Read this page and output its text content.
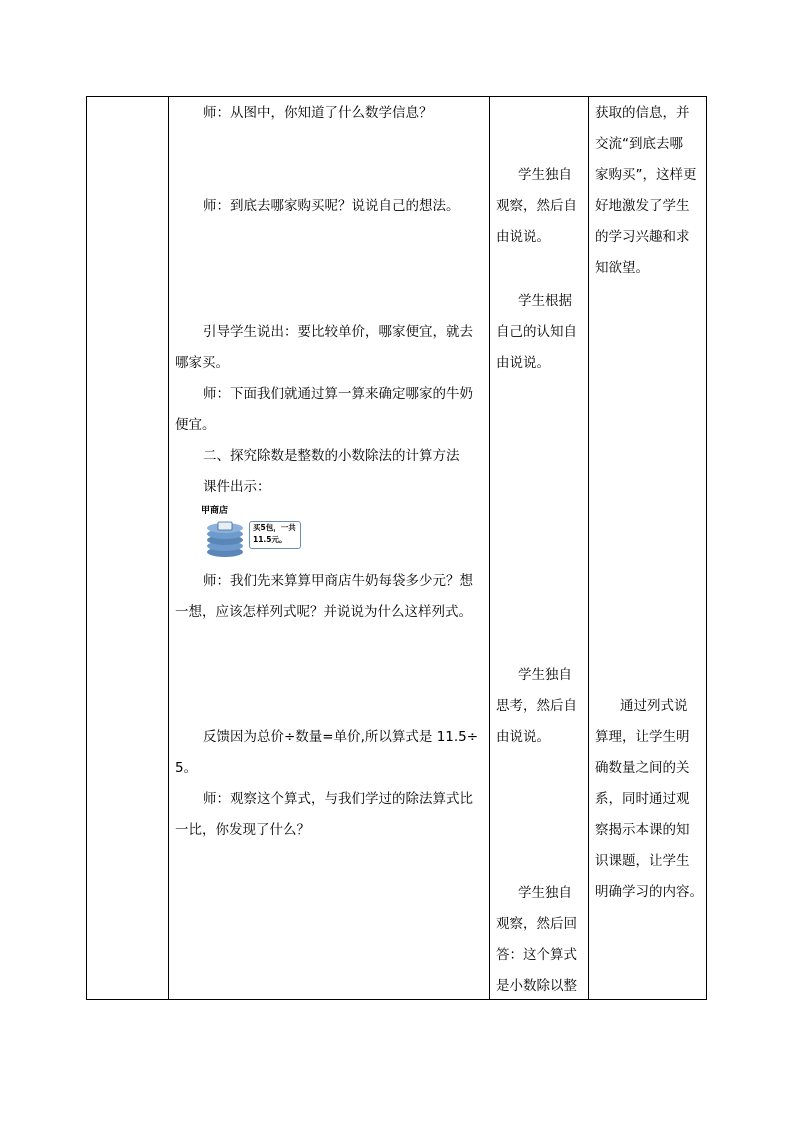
师：从图中，你知道了什么数学信息？
师：到底去哪家购买呢？说说自己的想法。
引导学生说出：要比较单价，哪家便宜，就去
哪家买。
师：下面我们就通过算一算来确定哪家的牛奶
便宜。
二、探究除数是整数的小数除法的计算方法
课件出示：
甲商店
买5包，一共
11.5元。
师：我们先来算算甲商店牛奶每袋多少元？想
一想，应该怎样列式呢？并说说为什么这样列式。
反馈因为总价÷数量=单价,所以算式是 11.5÷
5。
师：观察这个算式，与我们学过的除法算式比
一比，你发现了什么？
学生独自
观察，然后自
由说说。
学生根据
自己的认知自
由说说。
学生独自
思考，然后自
由说说。
学生独自
观察，然后回
答：这个算式
是小数除以整
获取的信息，并
交流“到底去哪
家购买”，这样更
好地激发了学生
的学习兴趣和求
知欲望。
通过列式说
算理，让学生明
确数量之间的关
系，同时通过观
察揭示本课的知
识课题，让学生
明确学习的内容。
